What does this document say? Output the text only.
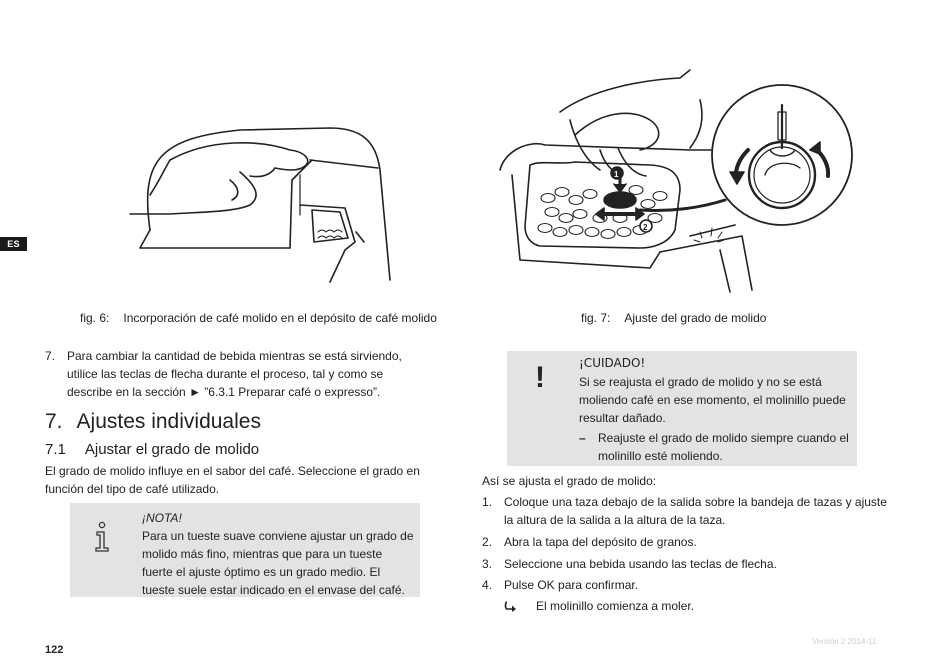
ES
1
2
fig. 6: Incorporación de café molido en el depósito de café molido	fig. 7: Ajuste del grado de molido
7. Para cambiar la cantidad de bebida mientras se está sirviendo, utilice las teclas de flecha durante el proceso, tal y como se describe en la sección ► ”6.3.1 Preparar café o expresso”.
7. Ajustes individuales
7.1 Ajustar el grado de molido
El grado de molido influye en el sabor del café. Seleccione el grado en función del tipo de café utilizado.
¡NOTA!
Para un tueste suave conviene ajustar un grado de molido más fino, mientras que para un tueste fuerte el ajuste óptimo es un grado medio. El tueste suele estar indicado en el envase del café.
!	¡CUIDADO!
Si se reajusta el grado de molido y no se está moliendo café en ese momento, el molinillo puede resultar dañado.
–	Reajuste el grado de molido siempre cuando el molinillo esté moliendo.
Así se ajusta el grado de molido:
1. Coloque una taza debajo de la salida sobre la bandeja de tazas y ajuste la altura de la salida a la altura de la taza.
2. Abra la tapa del depósito de granos.
3. Seleccione una bebida usando las teclas de flecha.
4. Pulse OK para confirmar.
El molinillo comienza a moler.
122
Versión 2 2014-11
